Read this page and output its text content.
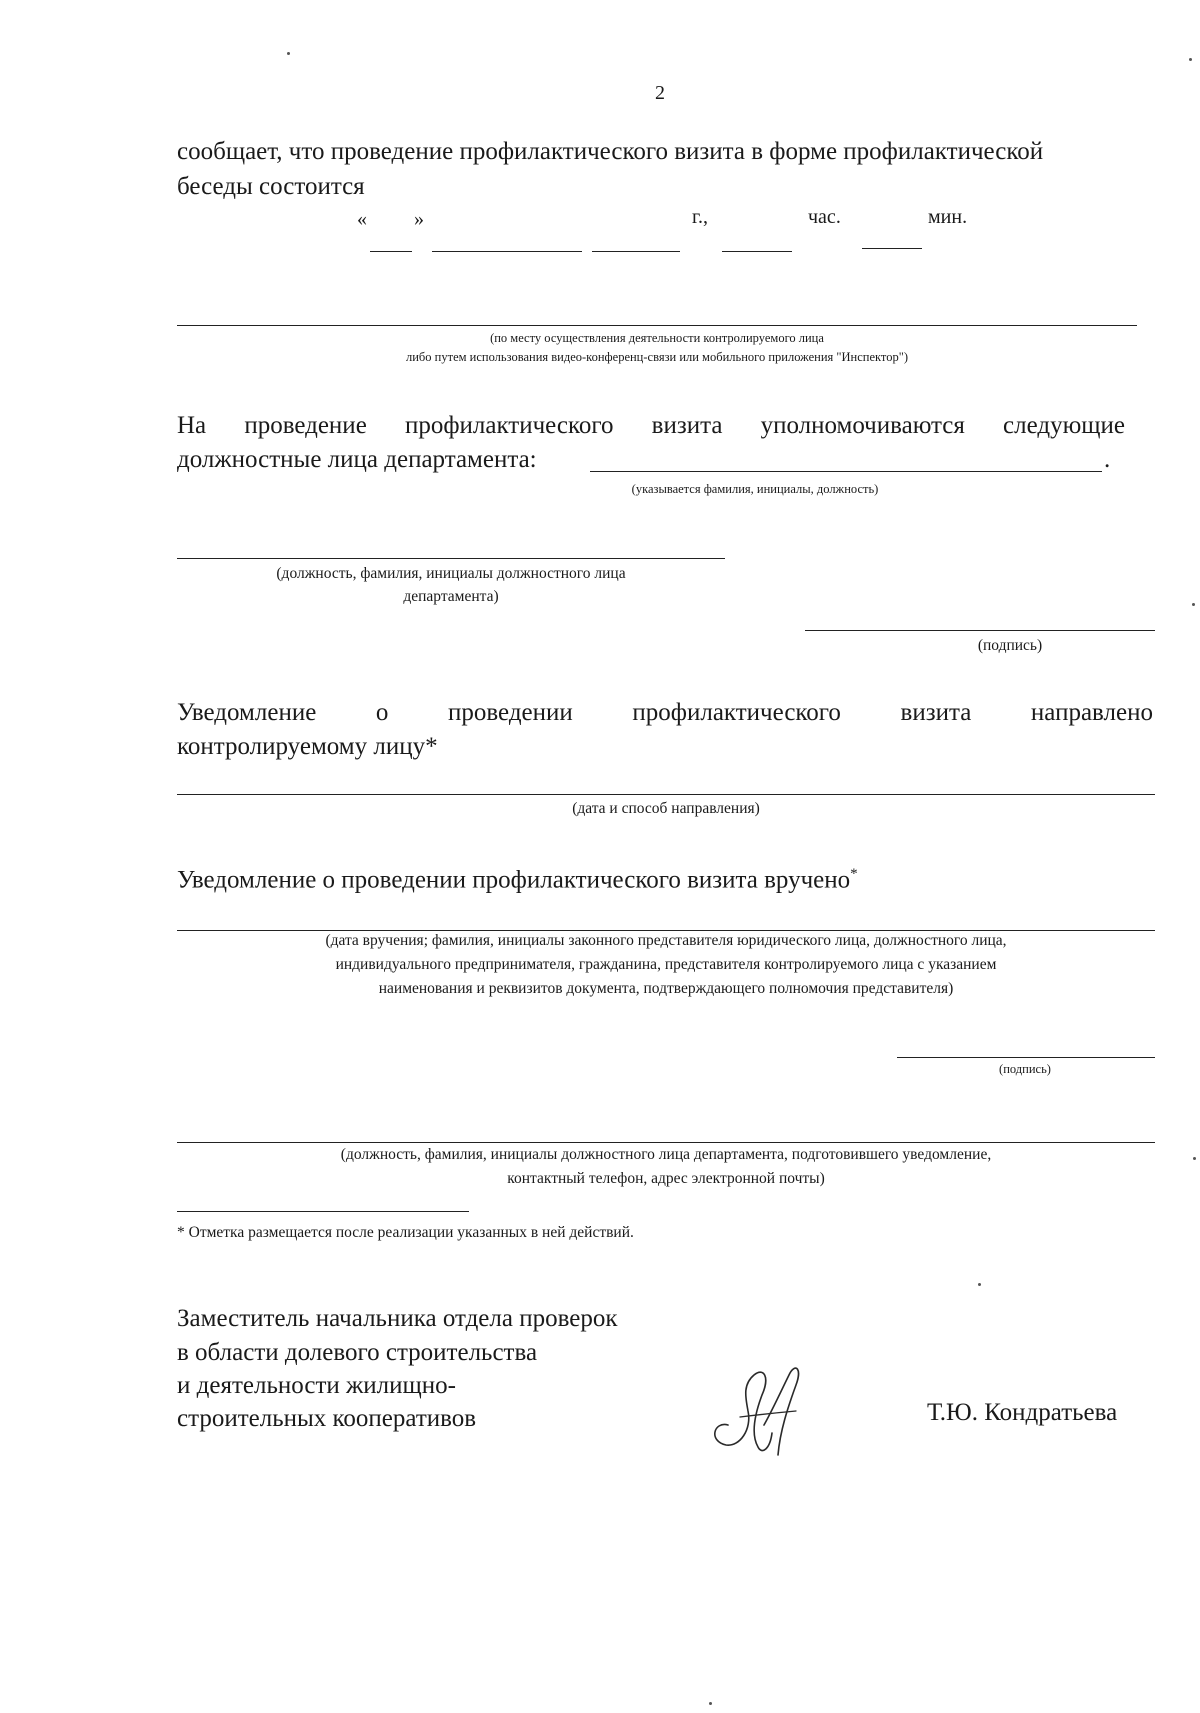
2
сообщает, что проведение профилактического визита в форме профилактической
беседы состоится
« »	г.,	час.	мин.
(по месту осуществления деятельности контролируемого лица
либо путем использования видео-конференц-связи или мобильного приложения "Инспектор")
На проведение профилактического визита уполномочиваются следующие
должностные лица департамента:	.
(указывается фамилия, инициалы, должность)
(должность, фамилия, инициалы должностного лица
департамента)
(подпись)
Уведомление о проведении профилактического визита направлено
контролируемому лицу*
(дата и способ направления)
Уведомление о проведении профилактического визита вручено*
(дата вручения; фамилия, инициалы законного представителя юридического лица, должностного лица,
индивидуального предпринимателя, гражданина, представителя контролируемого лица с указанием
наименования и реквизитов документа, подтверждающего полномочия представителя)
(подпись)
(должность, фамилия, инициалы должностного лица департамента, подготовившего уведомление,
контактный телефон, адрес электронной почты)
* Отметка размещается после реализации указанных в ней действий.
Заместитель начальника отдела проверок
в области долевого строительства
и деятельности жилищно-
строительных кооперативов	Т.Ю. Кондратьева
